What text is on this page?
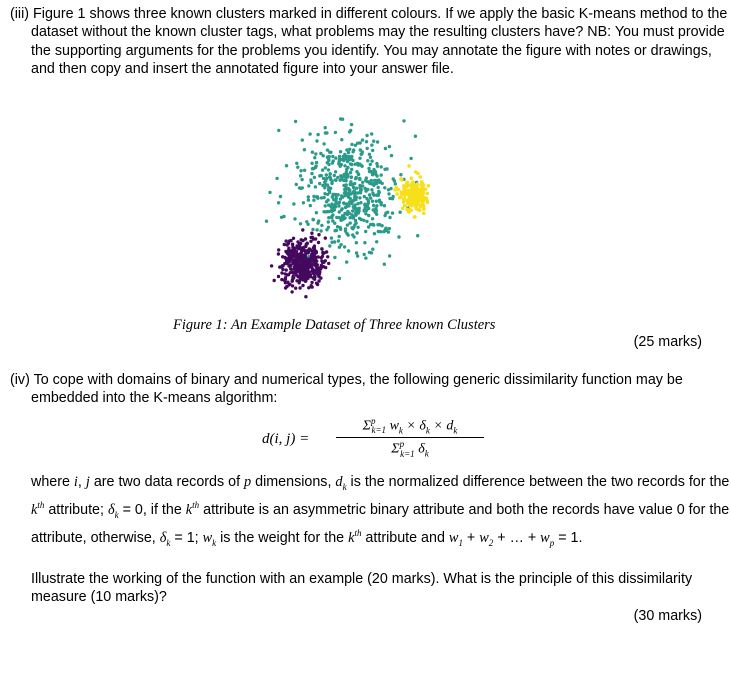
(iii) Figure 1 shows three known clusters marked in different colours. If we apply the basic K-means method to the dataset without the known cluster tags, what problems may the resulting clusters have? NB: You must provide the supporting arguments for the problems you identify. You may annotate the figure with notes or drawings, and then copy and insert the annotated figure into your answer file.
Figure 1: An Example Dataset of Three known Clusters
(25 marks)
(iv) To cope with domains of binary and numerical types, the following generic dissimilarity function may be embedded into the K-means algorithm:
d(i, j) =
$\Sigma^p_{k=1}$ $w_k \times \delta_k \times d_k$
$\Sigma^p_{k=1}$ $\delta_k$
where i, j are two data records of p dimensions, $d_k$ is the normalized difference between the two records for the $k^{th}$ attribute; $\delta_k = 0$, if the $k^{th}$ attribute is an asymmetric binary attribute and both the records have value 0 for the attribute, otherwise, $\delta_k = 1$; $w_k$ is the weight for the $k^{th}$ attribute and $w_1 + w_2$ + … + $w_p = 1$.
Illustrate the working of the function with an example (20 marks). What is the principle of this dissimilarity measure (10 marks)?
(30 marks)
